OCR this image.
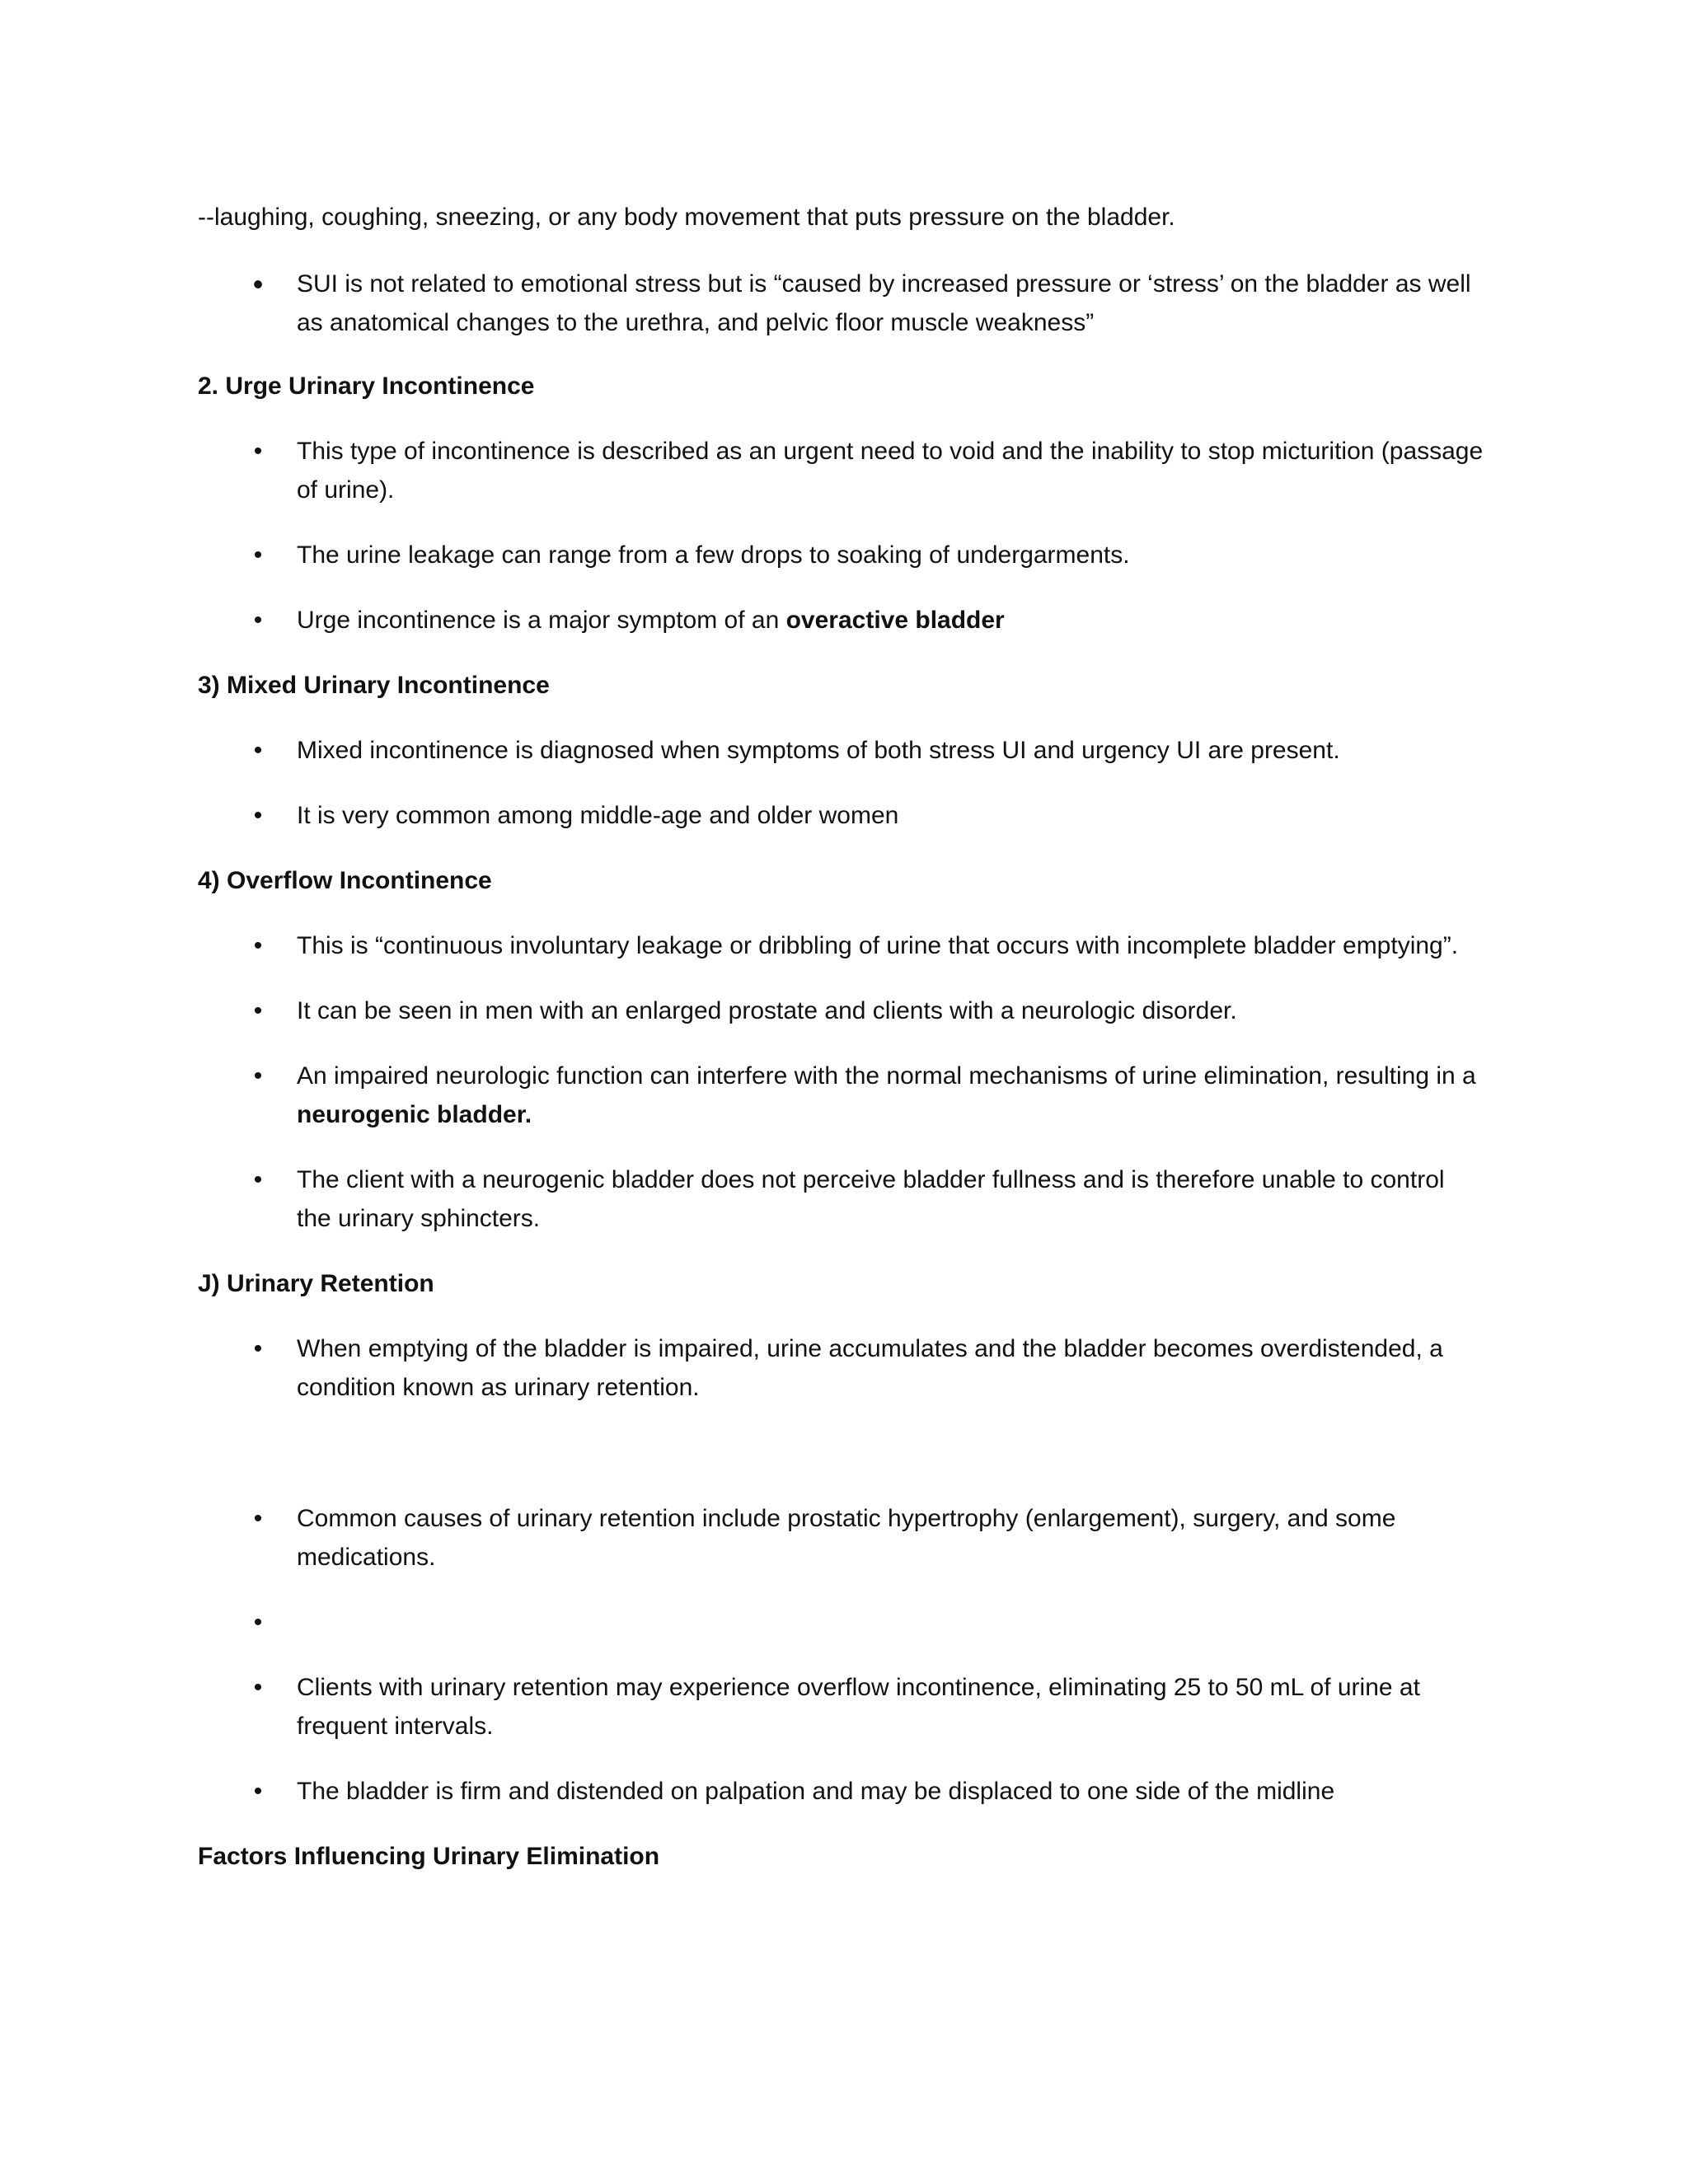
--laughing, coughing, sneezing, or any body movement that puts pressure on the bladder.

• SUI is not related to emotional stress but is “caused by increased pressure or ‘stress’ on the bladder as well as anatomical changes to the urethra, and pelvic floor muscle weakness”

2. Urge Urinary Incontinence

•	This type of incontinence is described as an urgent need to void and the inability to stop micturition (passage of urine).
•	The urine leakage can range from a few drops to soaking of undergarments.
•	Urge incontinence is a major symptom of an overactive bladder

3) Mixed Urinary Incontinence

•	Mixed incontinence is diagnosed when symptoms of both stress UI and urgency UI are present.
•	It is very common among middle-age and older women

4) Overflow Incontinence

•	This is “continuous involuntary leakage or dribbling of urine that occurs with incomplete bladder emptying”.
•	It can be seen in men with an enlarged prostate and clients with a neurologic disorder.
•	An impaired neurologic function can interfere with the normal mechanisms of urine elimination, resulting in a neurogenic bladder.
•	The client with a neurogenic bladder does not perceive bladder fullness and is therefore unable to control the urinary sphincters.

J) Urinary Retention

•	When emptying of the bladder is impaired, urine accumulates and the bladder becomes overdistended, a condition known as urinary retention.
•	Common causes of urinary retention include prostatic hypertrophy (enlargement), surgery, and some medications.
•
•	Clients with urinary retention may experience overflow incontinence, eliminating 25 to 50 mL of urine at frequent intervals.
•	The bladder is firm and distended on palpation and may be displaced to one side of the midline

Factors Influencing Urinary Elimination
